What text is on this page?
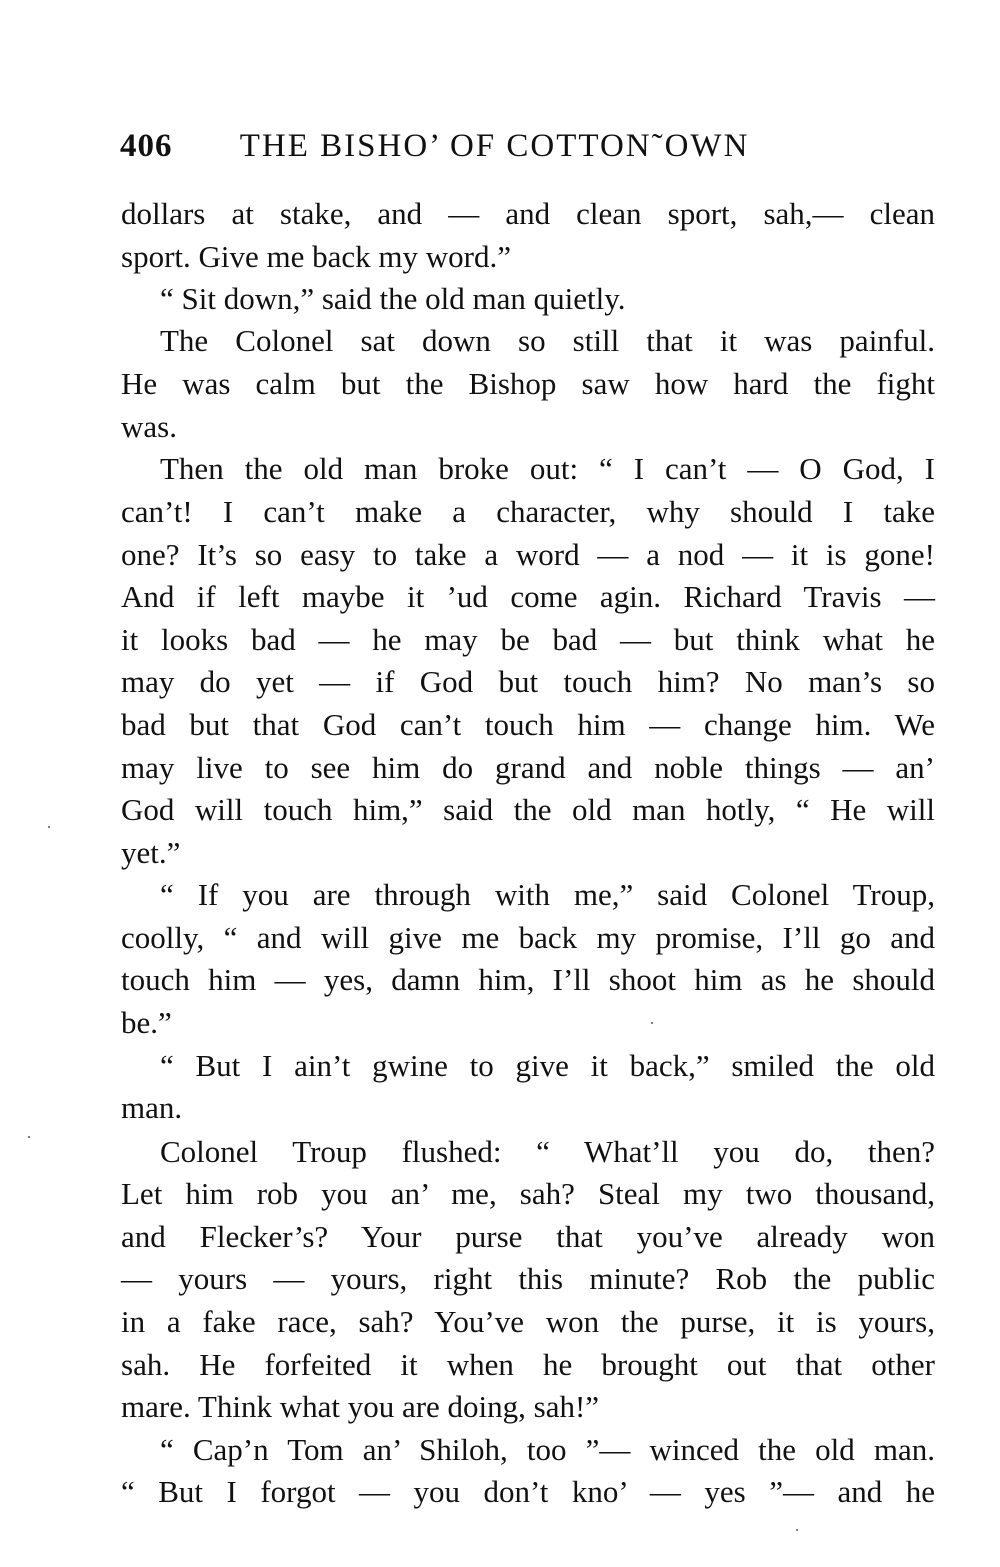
406 THE BISHO’ OF COTTON˜OWN
dollars at stake, and — and clean sport, sah,— clean
sport. Give me back my word.”
“ Sit down,” said the old man quietly.
The Colonel sat down so still that it was painful.
He was calm but the Bishop saw how hard the fight
was.
Then the old man broke out: “ I can’t — O God, I
can’t! I can’t make a character, why should I take
one? It’s so easy to take a word — a nod — it is gone!
And if left maybe it ’ud come agin. Richard Travis —
it looks bad — he may be bad — but think what he
may do yet — if God but touch him? No man’s so
bad but that God can’t touch him — change him. We
may live to see him do grand and noble things — an’
God will touch him,” said the old man hotly, “ He will
yet.”
“ If you are through with me,” said Colonel Troup,
coolly, “ and will give me back my promise, I’ll go and
touch him — yes, damn him, I’ll shoot him as he should
be.”
“ But I ain’t gwine to give it back,” smiled the old
man.
Colonel Troup flushed: “ What’ll you do, then?
Let him rob you an’ me, sah? Steal my two thousand,
and Flecker’s? Your purse that you’ve already won
— yours — yours, right this minute? Rob the public
in a fake race, sah? You’ve won the purse, it is yours,
sah. He forfeited it when he brought out that other
mare. Think what you are doing, sah!”
“ Cap’n Tom an’ Shiloh, too ”— winced the old man.
“ But I forgot — you don’t kno’ — yes ”— and he
